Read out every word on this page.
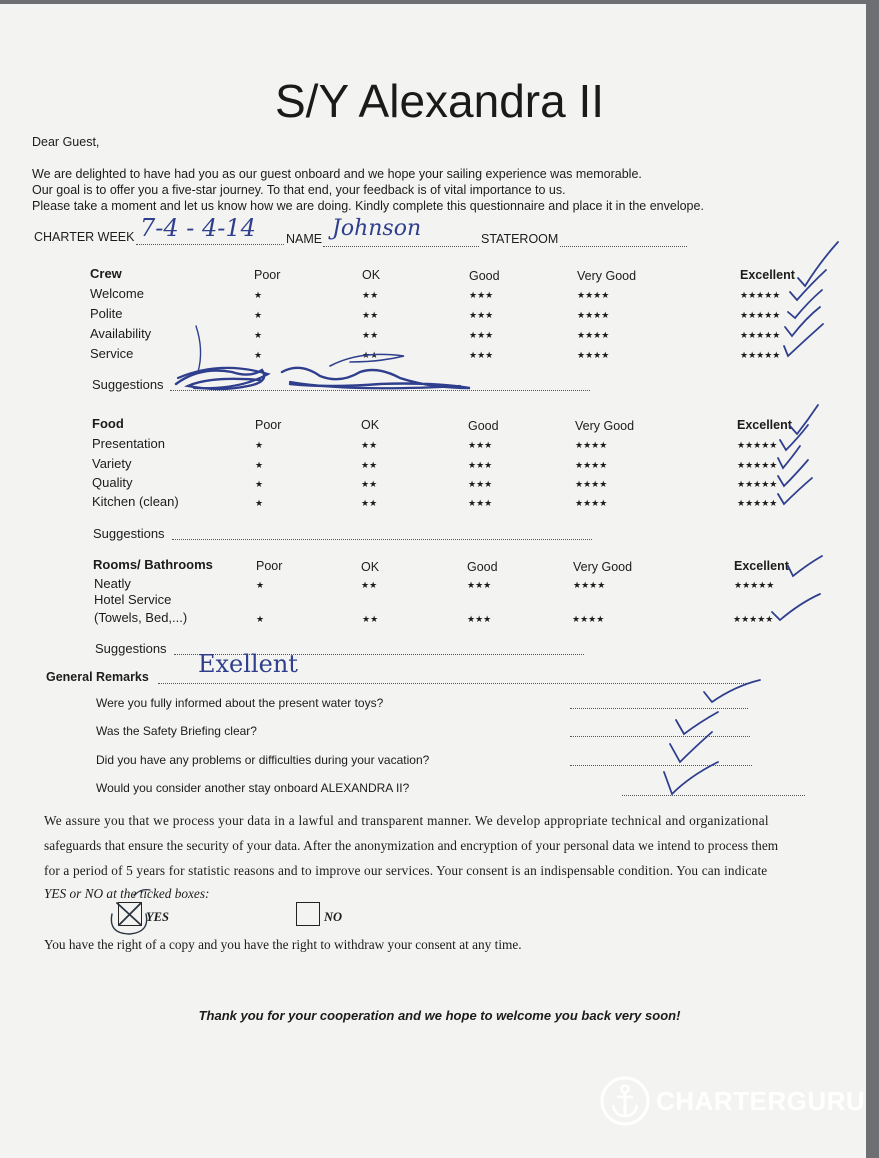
S/Y Alexandra II
Dear Guest,
We are delighted to have had you as our guest onboard and we hope your sailing experience was memorable.
Our goal is to offer you a five-star journey. To that end, your feedback is of vital importance to us.
Please take a moment and let us know how we are doing. Kindly complete this questionnaire and place it in the envelope.
CHARTER WEEK 7-4 - 4-14 NAME Johnson	STATEROOM
Crew	Poor	OK	Good	Very Good	Excellent
Welcome	★	★★	★★★	★★★★	★★★★★
Polite	★	★★	★★★	★★★★	★★★★★
Availability	★	★★	★★★	★★★★	★★★★★
Service	★	★★	★★★	★★★★	★★★★★
Suggestions
Food	Poor	OK	Good	Very Good	Excellent
Presentation	★	★★	★★★	★★★★	★★★★★
Variety	★	★★	★★★	★★★★	★★★★★
Quality	★	★★	★★★	★★★★	★★★★★
Kitchen (clean)	★	★★	★★★	★★★★	★★★★★
Suggestions
Rooms/ Bathrooms	Poor	OK	Good	Very Good	Excellent
Neatly	★	★★	★★★	★★★★	★★★★★
Hotel Service
(Towels, Bed,...)	★	★★	★★★	★★★★	★★★★★
Suggestions
General Remarks Exellent
Were you fully informed about the present water toys?
Was the Safety Briefing clear?
Did you have any problems or difficulties during your vacation?
Would you consider another stay onboard ALEXANDRA II?
We assure you that we process your data in a lawful and transparent manner. We develop appropriate technical and organizational
safeguards that ensure the security of your data. After the anonymization and encryption of your personal data we intend to process them
for a period of 5 years for statistic reasons and to improve our services. Your consent is an indispensable condition. You can indicate
YES or NO at the ticked boxes:
YES	NO
You have the right of a copy and you have the right to withdraw your consent at any time.
Thank you for your cooperation and we hope to welcome you back very soon!
CHARTERGURU
